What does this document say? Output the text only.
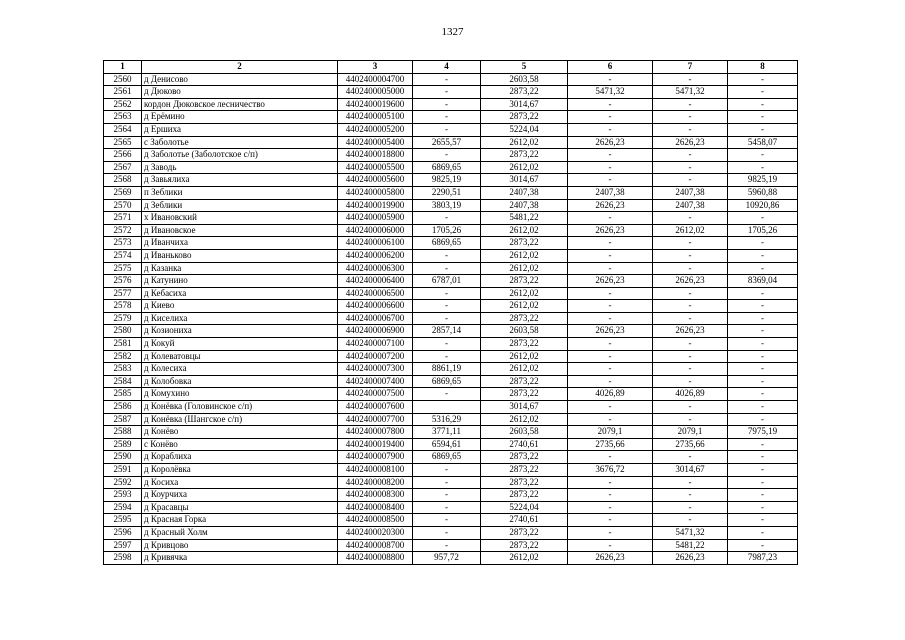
1327
1	2	3	4	5	6	7	8
2560	д Денисово	4402400004700	-	2603,58	-	-	-
2561	д Дюково	4402400005000	-	2873,22	5471,32	5471,32	-
2562	кордон Дюковское лесничество	4402400019600	-	3014,67	-	-	-
2563	д Ерёмино	4402400005100	-	2873,22	-	-	-
2564	д Ершиха	4402400005200	-	5224,04	-	-	-
2565	с Заболотье	4402400005400	2655,57	2612,02	2626,23	2626,23	5458,07
2566	д Заболотье (Заболотское с/п)	4402400018800	-	2873,22	-	-	-
2567	д Заводь	4402400005500	6869,65	2612,02	-	-	-
2568	д Завьялиха	4402400005600	9825,19	3014,67	-	-	9825,19
2569	п Зеблики	4402400005800	2290,51	2407,38	2407,38	2407,38	5960,88
2570	д Зеблики	4402400019900	3803,19	2407,38	2626,23	2407,38	10920,86
2571	х Ивановский	4402400005900	-	5481,22	-	-	-
2572	д Ивановское	4402400006000	1705,26	2612,02	2626,23	2612,02	1705,26
2573	д Иванчиха	4402400006100	6869,65	2873,22	-	-	-
2574	д Иваньково	4402400006200	-	2612,02	-	-	-
2575	д Казанка	4402400006300	-	2612,02	-	-	-
2576	д Катунино	4402400006400	6787,01	2873,22	2626,23	2626,23	8369,04
2577	д Кебасиха	4402400006500	-	2612,02	-	-	-
2578	д Киево	4402400006600	-	2612,02	-	-	-
2579	д Киселиха	4402400006700	-	2873,22	-	-	-
2580	д Козиониха	4402400006900	2857,14	2603,58	2626,23	2626,23	-
2581	д Кокуй	4402400007100	-	2873,22	-	-	-
2582	д Колеватовцы	4402400007200	-	2612,02	-	-	-
2583	д Колесиха	4402400007300	8861,19	2612,02	-	-	-
2584	д Колобовка	4402400007400	6869,65	2873,22	-	-	-
2585	д Комухино	4402400007500	-	2873,22	4026,89	4026,89	-
2586	д Конёвка (Головинское с/п)	4402400007600		3014,67	-	-	-
2587	д Конёвка (Шангское с/п)	4402400007700	5316,29	2612,02	-	-	-
2588	д Конёво	4402400007800	3771,11	2603,58	2079,1	2079,1	7975,19
2589	с Конёво	4402400019400	6594,61	2740,61	2735,66	2735,66	-
2590	д Кораблиха	4402400007900	6869,65	2873,22	-	-	-
2591	д Королёвка	4402400008100	-	2873,22	3676,72	3014,67	-
2592	д Косиха	4402400008200	-	2873,22	-	-	-
2593	д Коурчиха	4402400008300	-	2873,22	-	-	-
2594	д Красавцы	4402400008400	-	5224,04	-	-	-
2595	д Красная Горка	4402400008500	-	2740,61	-	-	-
2596	д Красный Холм	4402400020300	-	2873,22	-	5471,32	-
2597	д Кривцово	4402400008700	-	2873,22	-	5481,22	-
2598	д Кривячка	4402400008800	957,72	2612,02	2626,23	2626,23	7987,23
